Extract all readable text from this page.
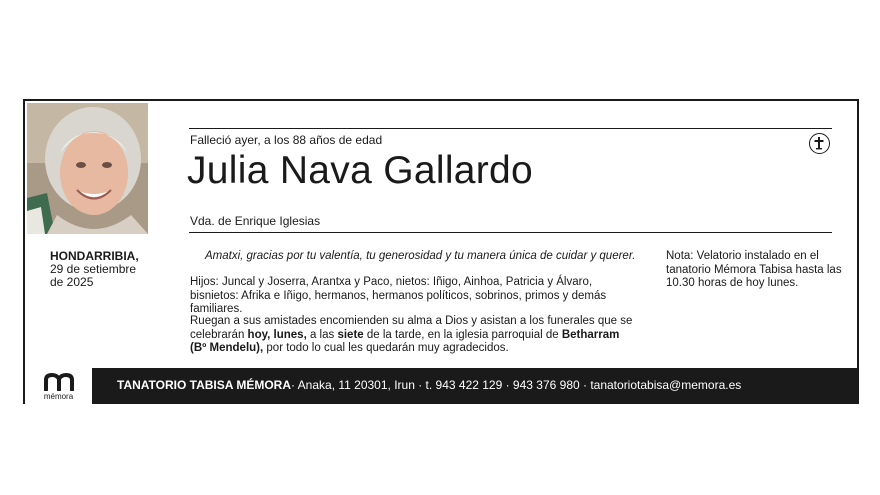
HONDARRIBIA,
29 de setiembre de 2025
Falleció ayer, a los 88 años de edad
Julia Nava Gallardo
Vda. de Enrique Iglesias
Amatxi, gracias por tu valentía, tu generosidad y tu manera única de cuidar y querer.
Hijos: Juncal y Joserra, Arantxa y Paco, nietos: Iñigo, Ainhoa, Patricia y Álvaro, bisnietos: Afrika e Iñigo, hermanos, hermanos políticos, sobrinos, primos y demás familiares.
Ruegan a sus amistades encomienden su alma a Dios y asistan a los funerales que se celebrarán hoy, lunes, a las siete de la tarde, en la iglesia parroquial de Betharram (Bº Mendelu), por todo lo cual les quedarán muy agradecidos.
Nota: Velatorio instalado en el tanatorio Mémora Tabisa hasta las 10.30 horas de hoy lunes.
mémora
TANATORIO TABISA MÉMORA· Anaka, 11 20301, Irun · t. 943 422 129 · 943 376 980 · tanatoriotabisa@memora.es
